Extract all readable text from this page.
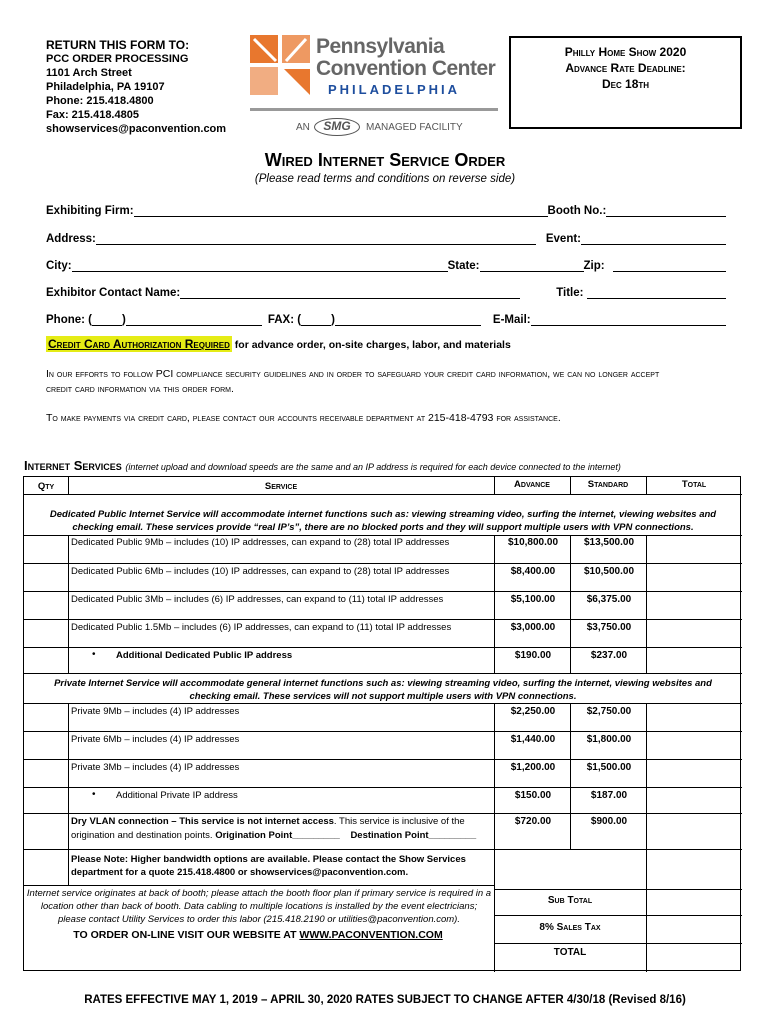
RETURN THIS FORM TO:
PCC ORDER PROCESSING
1101 Arch Street
Philadelphia, PA 19107
Phone: 215.418.4800
Fax: 215.418.4805
showservices@paconvention.com
Pennsylvania
Convention Center
PHILADELPHIA
AN	SMG	MANAGED FACILITY
Philly Home Show 2020
Advance Rate Deadline:
Dec 18th
Wired Internet Service Order
(Please read terms and conditions on reverse side)
Exhibiting Firm:	Booth No.:
Address:	Event:
City:	State:	Zip:
Exhibitor Contact Name:	Title:
Phone: (	)	FAX: (	)	E-Mail:
Credit Card Authorization Required for advance order, on-site charges, labor, and materials
In our efforts to follow PCI compliance security guidelines and in order to safeguard your credit card information, we can no longer accept credit card information via this order form.
To make payments via credit card, please contact our accounts receivable department at 215-418-4793 for assistance.
Internet Services (internet upload and download speeds are the same and an IP address is required for each device connected to the internet)
Qty	Service	Advance	Standard	Total
Dedicated Public Internet Service will accommodate internet functions such as: viewing streaming video, surfing the internet, viewing websites and checking email. These services provide “real IP’s”, there are no blocked ports and they will support multiple users with VPN connections.
Dedicated Public 9Mb – includes (10) IP addresses, can expand to (28) total IP addresses	$10,800.00	$13,500.00
Dedicated Public 6Mb – includes (10) IP addresses, can expand to (28) total IP addresses	$8,400.00	$10,500.00
Dedicated Public 3Mb – includes (6) IP addresses, can expand to (11) total IP addresses	$5,100.00	$6,375.00
Dedicated Public 1.5Mb – includes (6) IP addresses, can expand to (11) total IP addresses	$3,000.00	$3,750.00
• Additional Dedicated Public IP address	$190.00	$237.00
Private Internet Service will accommodate general internet functions such as: viewing streaming video, surfing the internet, viewing websites and checking email. These services will not support multiple users with VPN connections.
Private 9Mb – includes (4) IP addresses	$2,250.00	$2,750.00
Private 6Mb – includes (4) IP addresses	$1,440.00	$1,800.00
Private 3Mb – includes (4) IP addresses	$1,200.00	$1,500.00
• Additional Private IP address	$150.00	$187.00
Dry VLAN connection – This service is not internet access. This service is inclusive of the
origination and destination points. Origination Point_________ Destination Point_________
$720.00	$900.00
Please Note: Higher bandwidth options are available. Please contact the Show Services department for a quote 215.418.4800 or showservices@paconvention.com.
Internet service originates at back of booth; please attach the booth floor plan if primary service is required in a location other than back of booth. Data cabling to multiple locations is installed by the event electricians; please contact Utility Services to order this labor (215.418.2190 or utilities@paconvention.com).
TO ORDER ON-LINE VISIT OUR WEBSITE AT WWW.PACONVENTION.COM
Sub Total
8% Sales Tax
TOTAL
RATES EFFECTIVE MAY 1, 2019 – APRIL 30, 2020 RATES SUBJECT TO CHANGE AFTER 4/30/18 (Revised 8/16)
